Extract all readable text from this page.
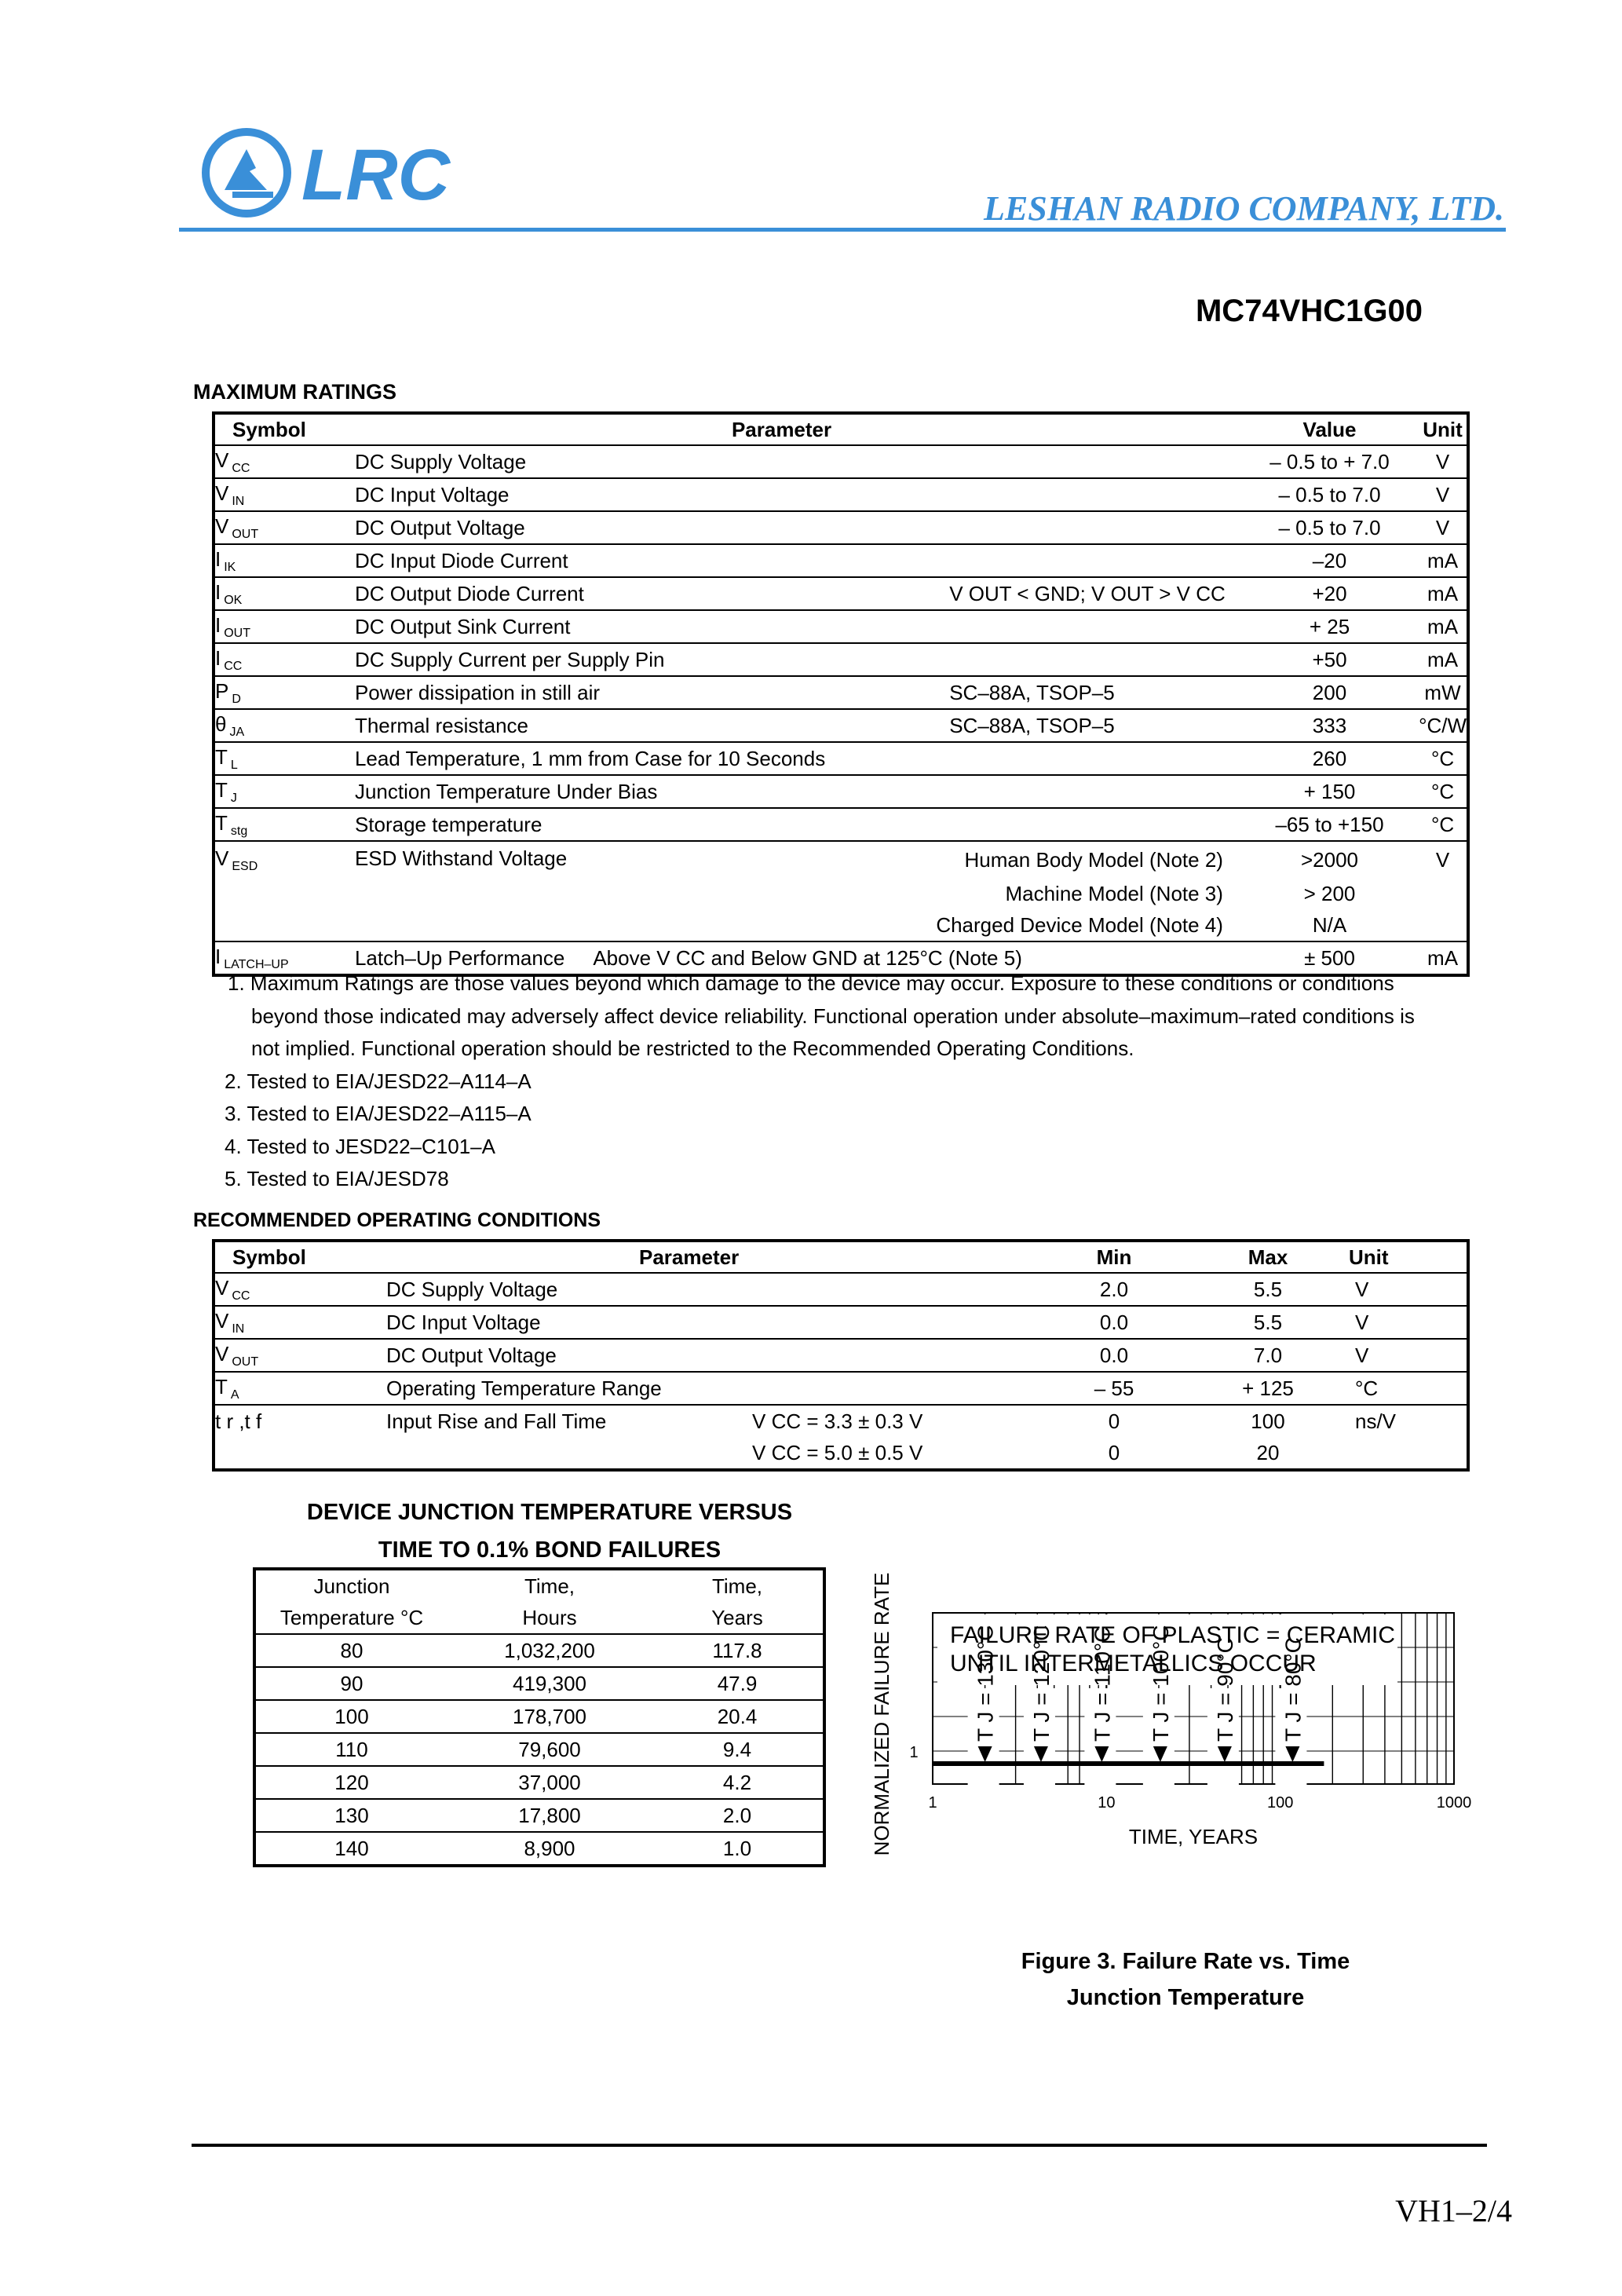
LRC	LESHAN RADIO COMPANY, LTD.
MC74VHC1G00
MAXIMUM RATINGS
Symbol	Parameter		Value	Unit
V $_{CC}$	DC Supply Voltage		– 0.5 to + 7.0	V
V $_{IN}$	DC Input Voltage		– 0.5 to 7.0	V
V $_{OUT}$	DC Output Voltage		– 0.5 to 7.0	V
I $_{IK}$	DC Input Diode Current		–20	mA
I $_{OK}$	DC Output Diode Current	V OUT < GND; V OUT > V CC	+20	mA
I $_{OUT}$	DC Output Sink Current		+ 25	mA
I $_{CC}$	DC Supply Current per Supply Pin		+50	mA
P $_D$	Power dissipation in still air	SC–88A, TSOP–5	200	mW
θ $_{JA}$	Thermal resistance	SC–88A, TSOP–5	333	°C/W
T $_L$	Lead Temperature, 1 mm from Case for 10 Seconds		260	°C
T $_J$	Junction Temperature Under Bias		+ 150	°C
T $_{stg}$	Storage temperature		–65 to +150	°C
V $_{ESD}$	ESD Withstand Voltage	Human Body Model (Note 2)	>2000	V
		Machine Model (Note 3)	> 200	
		Charged Device Model (Note 4)	N/A	
I $_{LATCH-UP}$	Latch–Up Performance Above V CC and Below GND at 125°C (Note 5)		± 500	mA
1. Maximum Ratings are those values beyond which damage to the device may occur. Exposure to these conditions or conditions
beyond those indicated may adversely affect device reliability. Functional operation under absolute–maximum–rated conditions is
not implied. Functional operation should be restricted to the Recommended Operating Conditions.
2. Tested to EIA/JESD22–A114–A
3. Tested to EIA/JESD22–A115–A
4. Tested to JESD22–C101–A
5. Tested to EIA/JESD78
RECOMMENDED OPERATING CONDITIONS
Symbol	Parameter		Min	Max	Unit
V $_{CC}$	DC Supply Voltage		2.0	5.5	V
V $_{IN}$	DC Input Voltage		0.0	5.5	V
V $_{OUT}$	DC Output Voltage		0.0	7.0	V
T $_A$	Operating Temperature Range		– 55	+ 125	°C
t r ,t f	Input Rise and Fall Time	V CC = 3.3 ± 0.3 V	0	100	ns/V
		V CC = 5.0 ± 0.5 V	0	20	
DEVICE JUNCTION TEMPERATURE VERSUS
TIME TO 0.1% BOND FAILURES
Junction	Time,	Time,
Temperature °C	Hours	Years
80	1,032,200	117.8
90	419,300	47.9
100	178,700	20.4
110	79,600	9.4
120	37,000	4.2
130	17,800	2.0
140	8,900	1.0
FAILURE RATE OF PLASTIC = CERAMIC
UNTIL INTERMETALLICS OCCUR
T J = 130°C T J = 120°C T J = 110°C T J = 100°C T J = 90°C T J = 80°C
1	10	100	1000
1
TIME, YEARS
NORMALIZED FAILURE RATE
Figure 3. Failure Rate vs. Time
Junction Temperature
VH1–2/4
